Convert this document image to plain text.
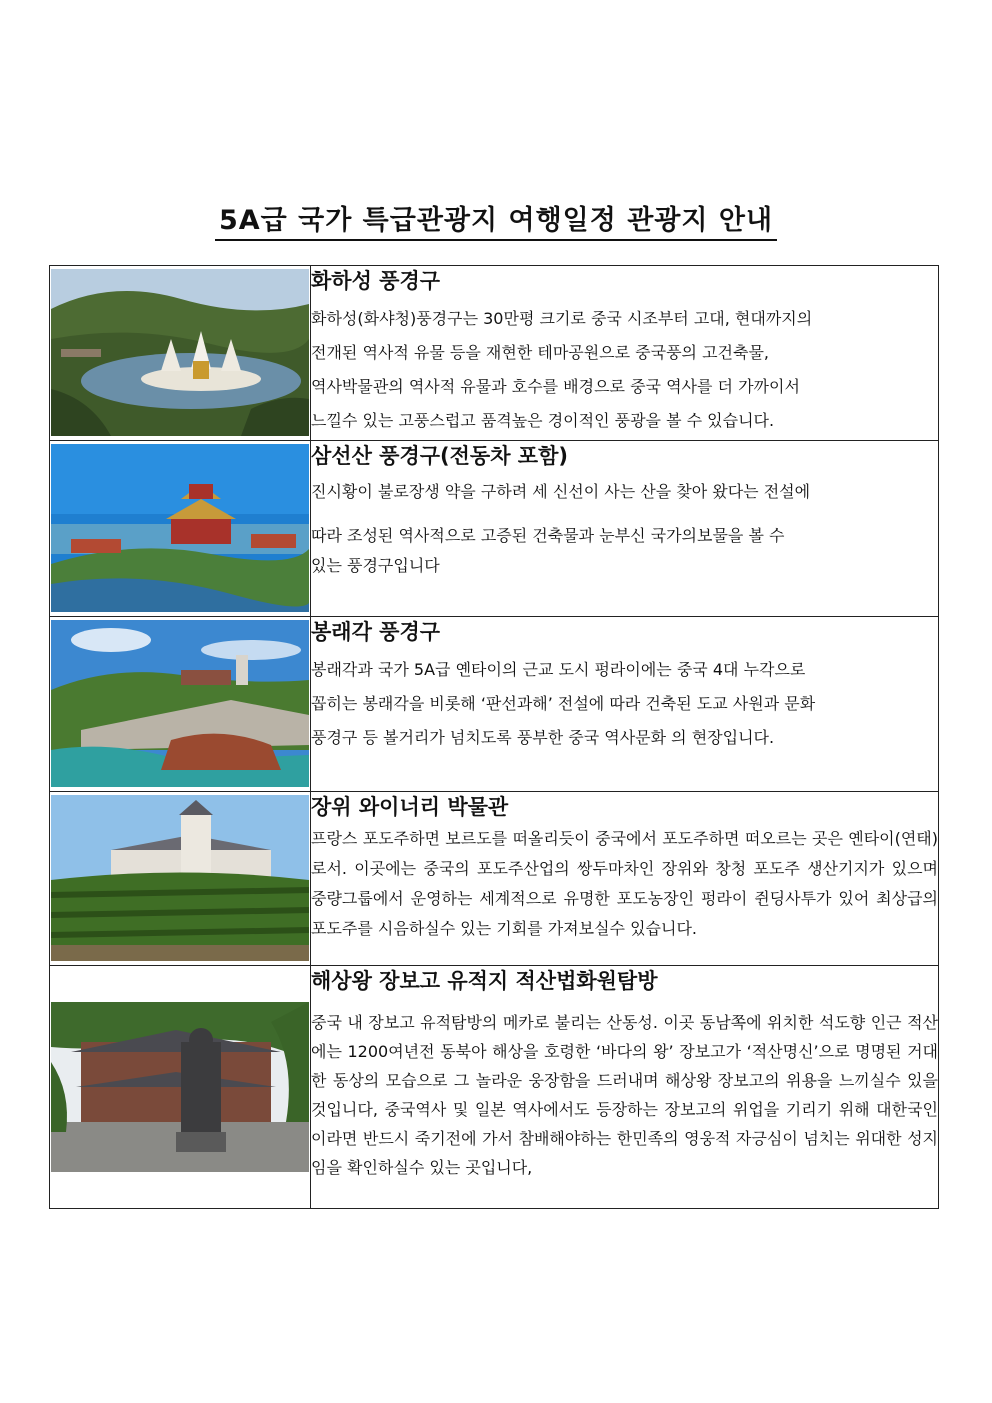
5A급 국가 특급관광지 여행일정 관광지 안내

화하성 풍경구

화하성(화샤청)풍경구는 30만평 크기로 중국 시조부터 고대, 현대까지의
전개된 역사적 유물 등을 재현한 테마공원으로 중국풍의 고건축물,
역사박물관의 역사적 유물과 호수를 배경으로 중국 역사를 더 가까이서
느낄수 있는 고풍스럽고 품격높은 경이적인 풍광을 볼 수 있습니다.

삼선산 풍경구(전동차 포함)

진시황이 불로장생 약을 구하려 세 신선이 사는 산을 찾아 왔다는 전설에
따라 조성된 역사적으로 고증된 건축물과 눈부신 국가의보물을 볼 수
있는 풍경구입니다

봉래각 풍경구

봉래각과 국가 5A급 옌타이의 근교 도시 펑라이에는 중국 4대 누각으로
꼽히는 봉래각을 비롯해 ‘판선과해’ 전설에 따라 건축된 도교 사원과 문화
풍경구 등 볼거리가 넘치도록 풍부한 중국 역사문화 의 현장입니다.

장위 와이너리 박물관

프랑스 포도주하면 보르도를 떠올리듯이 중국에서 포도주하면 떠오르는 곳은 옌타이(연태)로서. 이곳에는 중국의 포도주산업의 쌍두마차인 장위와 창청 포도주 생산기지가 있으며 중량그룹에서 운영하는 세계적으로 유명한 포도농장인 펑라이 쥔딩사투가 있어 최상급의 포도주를 시음하실수 있는 기회를 가져보실수 있습니다.

해상왕 장보고 유적지 적산법화원탐방

중국 내 장보고 유적탐방의 메카로 불리는 산동성. 이곳 동남쪽에 위치한 석도향 인근 적산에는 1200여년전 동북아 해상을 호령한 ‘바다의 왕’ 장보고가 ‘적산명신’으로 명명된 거대한 동상의 모습으로 그 놀라운 웅장함을 드러내며 해상왕 장보고의 위용을 느끼실수 있을것입니다, 중국역사 및 일본 역사에서도 등장하는 장보고의 위업을 기리기 위해 대한국인 이라면 반드시 죽기전에 가서 참배해야하는 한민족의 영웅적 자긍심이 넘치는 위대한 성지 임을 확인하실수 있는 곳입니다,
